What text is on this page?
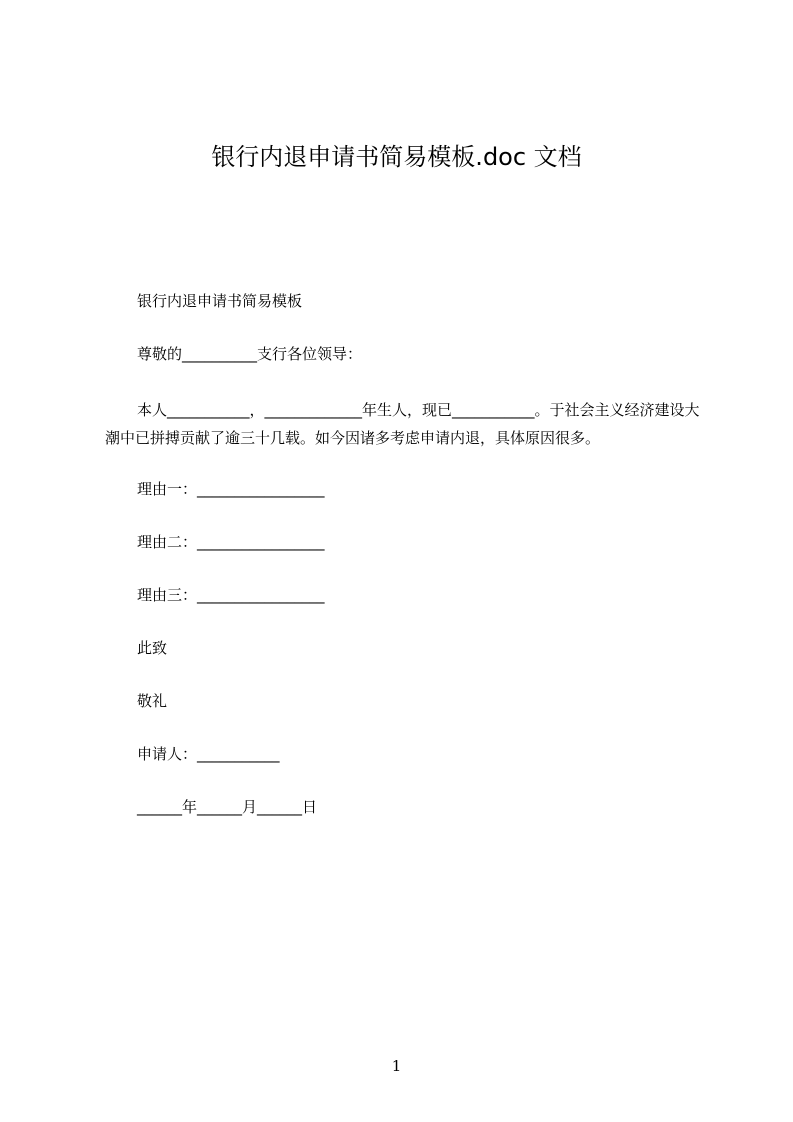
银行内退申请书简易模板.doc 文档
银行内退申请书简易模板
尊敬的__________支行各位领导：
本人___________，_____________年生人，现已___________。于社会主义经济建设大潮中已拼搏贡献了逾三十几载。如今因诸多考虑申请内退，具体原因很多。
理由一：_________________
理由二：_________________
理由三：_________________
此致
敬礼
申请人：___________
______年______月______日
1
